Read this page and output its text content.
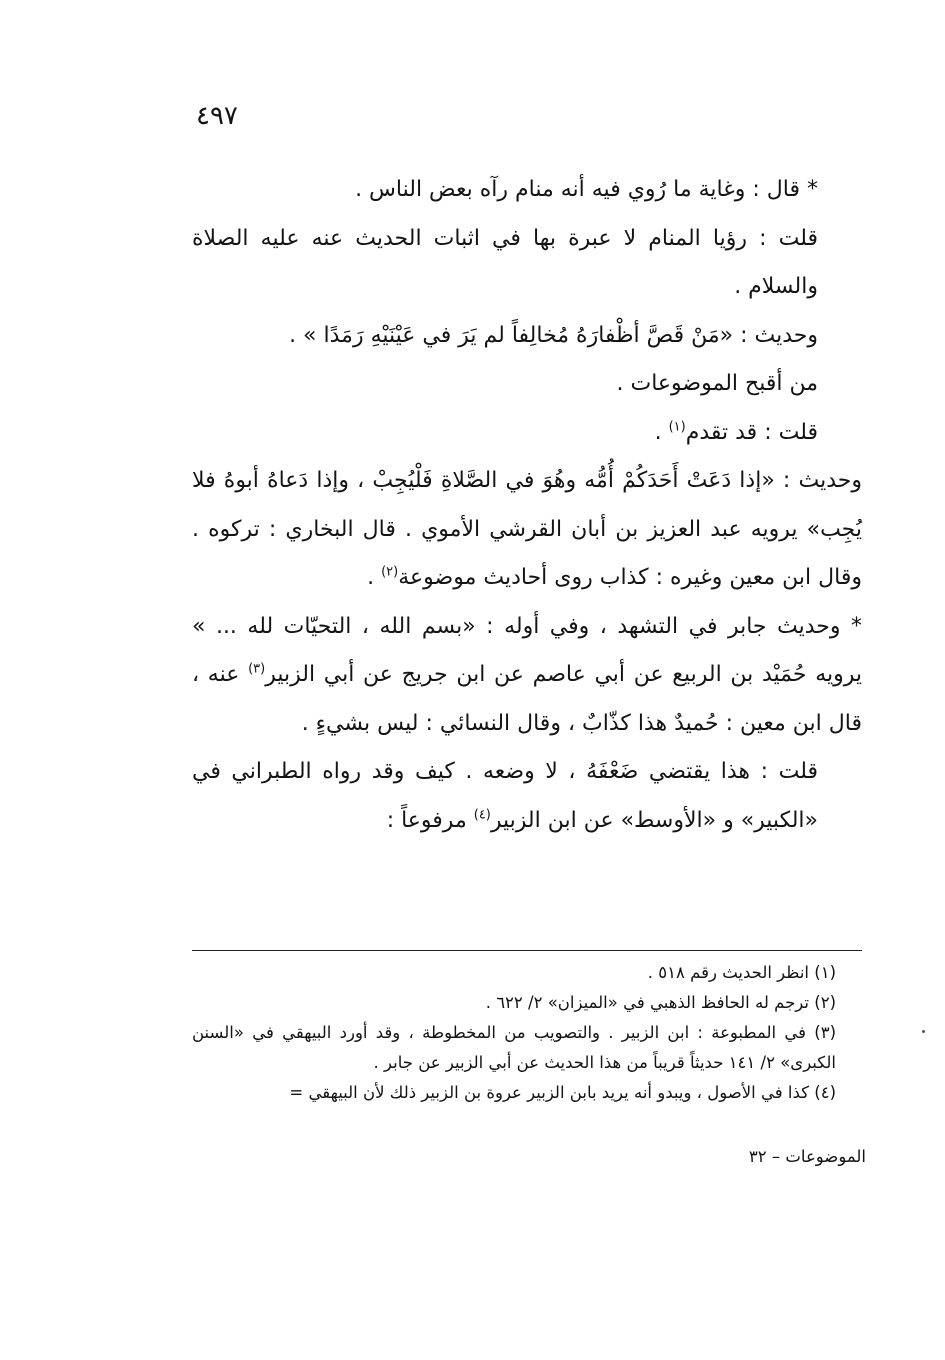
٤٩٧

* قال : وغاية ما رُوي فيه أنه منام رآه بعض الناس .

قلت : رؤيا المنام لا عبرة بها في اثبات الحديث عنه عليه الصلاة والسلام .

وحديث : «مَنْ قَصَّ أظْفارَهُ مُخالِفاً لم يَرَ في عَيْنَيْهِ رَمَدًا » .

من أقبح الموضوعات .

قلت : قد تقدم$^{(١)}$ .

وحديث : «إذا دَعَتْ أَحَدَكُمْ أُمُّه وهُوَ في الصَّلاةِ فَلْيُجِبْ ، وإذا دَعاهُ أبوهُ فلا يُجِب» يرويه عبد العزيز بن أبان القرشي الأموي . قال البخاري : تركوه . وقال ابن معين وغيره : كذاب روى أحاديث موضوعة$^{(٢)}$ .

* وحديث جابر في التشهد ، وفي أوله : «بسم الله ، التحيّات لله ... » يرويه حُمَيْد بن الربيع عن أبي عاصم عن ابن جريج عن أبي الزبير$^{(٣)}$ عنه ، قال ابن معين : حُميدٌ هذا كذّابٌ ، وقال النسائي : ليس بشيءٍ .

قلت : هذا يقتضي ضَعْفَهُ ، لا وضعه . كيف وقد رواه الطبراني في «الكبير» و «الأوسط» عن ابن الزبير$^{(٤)}$ مرفوعاً :

(١) انظر الحديث رقم ٥١٨ .

(٢) ترجم له الحافظ الذهبي في «الميزان» ٢/ ٦٢٢ .

(٣) في المطبوعة : ابن الزبير . والتصويب من المخطوطة ، وقد أورد البيهقي في «السنن الكبرى» ٢/ ١٤١ حديثاً قريباً من هذا الحديث عن أبي الزبير عن جابر .

(٤) كذا في الأصول ، ويبدو أنه يريد بابن الزبير عروة بن الزبير ذلك لأن البيهقي =

الموضوعات – ٣٢
